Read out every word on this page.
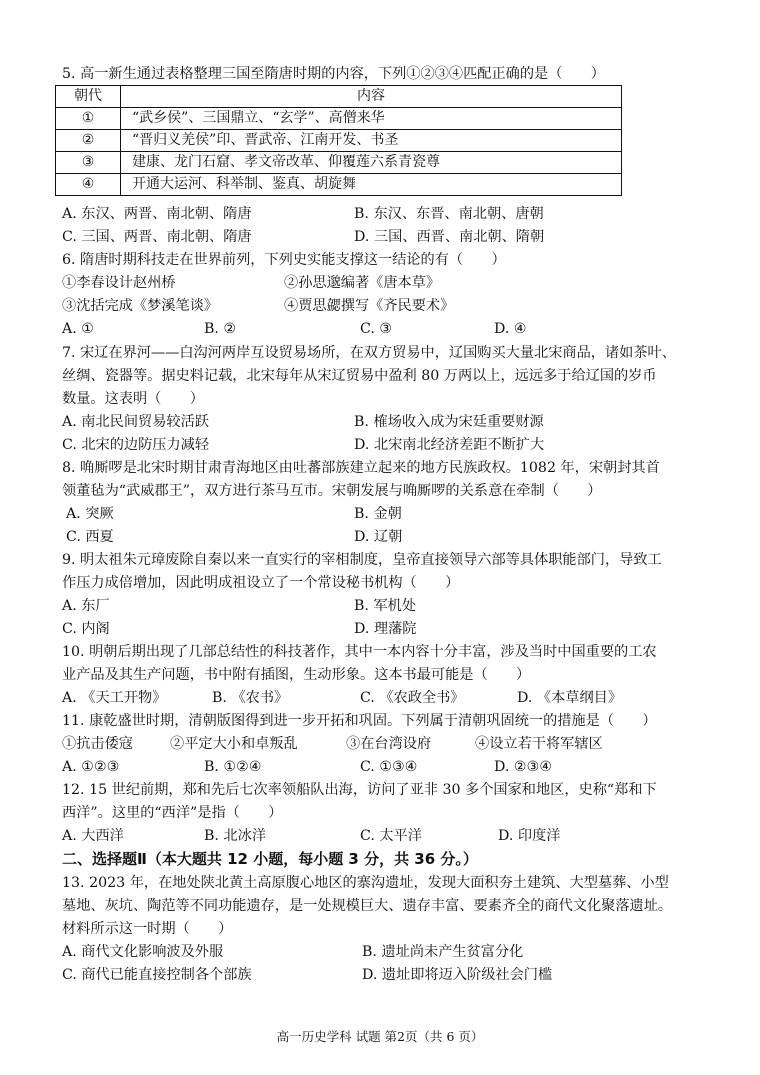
5. 高一新生通过表格整理三国至隋唐时期的内容，下列①②③④匹配正确的是（　　）
朝代	内容
①	“武乡侯”、三国鼎立、“玄学”、高僧来华
②	“晋归义羌侯”印、晋武帝、江南开发、书圣
③	建康、龙门石窟、孝文帝改革、仰覆莲六系青瓷尊
④	开通大运河、科举制、鉴真、胡旋舞
A. 东汉、两晋、南北朝、隋唐	B. 东汉、东晋、南北朝、唐朝
C. 三国、两晋、南北朝、隋唐	D. 三国、西晋、南北朝、隋朝
6. 隋唐时期科技走在世界前列，下列史实能支撑这一结论的有（　　）
①李春设计赵州桥	②孙思邈编著《唐本草》
③沈括完成《梦溪笔谈》	④贾思勰撰写《齐民要术》
A. ①	B. ②	C. ③	D. ④
7. 宋辽在界河——白沟河两岸互设贸易场所，在双方贸易中，辽国购买大量北宋商品，诸如茶叶、
丝绸、瓷器等。据史料记载，北宋每年从宋辽贸易中盈利 80 万两以上，远远多于给辽国的岁币
数量。这表明（　　）
A. 南北民间贸易较活跃	B. 榷场收入成为宋廷重要财源
C. 北宋的边防压力减轻	D. 北宋南北经济差距不断扩大
8. 唃厮啰是北宋时期甘肃青海地区由吐蕃部族建立起来的地方民族政权。1082 年，宋朝封其首
领董毡为“武威郡王”，双方进行茶马互市。宋朝发展与唃厮啰的关系意在牵制（　　）
A. 突厥	B. 金朝
C. 西夏	D. 辽朝
9. 明太祖朱元璋废除自秦以来一直实行的宰相制度，皇帝直接领导六部等具体职能部门，导致工
作压力成倍增加，因此明成祖设立了一个常设秘书机构（　　）
A. 东厂	B. 军机处
C. 内阁	D. 理藩院
10. 明朝后期出现了几部总结性的科技著作，其中一本内容十分丰富，涉及当时中国重要的工农
业产品及其生产问题，书中附有插图，生动形象。这本书最可能是（　　）
A. 《天工开物》	B. 《农书》	C. 《农政全书》	D. 《本草纲目》
11. 康乾盛世时期，清朝版图得到进一步开拓和巩固。下列属于清朝巩固统一的措施是（　　）
①抗击倭寇	②平定大小和卓叛乱	③在台湾设府	④设立若干将军辖区
A. ①②③	B. ①②④	C. ①③④	D. ②③④
12. 15 世纪前期，郑和先后七次率领船队出海，访问了亚非 30 多个国家和地区，史称“郑和下
西洋”。这里的“西洋”是指（　　）
A. 大西洋	B. 北冰洋	C. 太平洋	D. 印度洋
二、选择题Ⅱ（本大题共 12 小题，每小题 3 分，共 36 分。）
13. 2023 年，在地处陕北黄土高原腹心地区的寨沟遗址，发现大面积夯土建筑、大型墓葬、小型
墓地、灰坑、陶范等不同功能遗存，是一处规模巨大、遗存丰富、要素齐全的商代文化聚落遗址。
材料所示这一时期（　　）
A. 商代文化影响波及外服	B. 遗址尚未产生贫富分化
C. 商代已能直接控制各个部族	D. 遗址即将迈入阶级社会门槛
高一历史学科 试题 第2页（共 6 页）
